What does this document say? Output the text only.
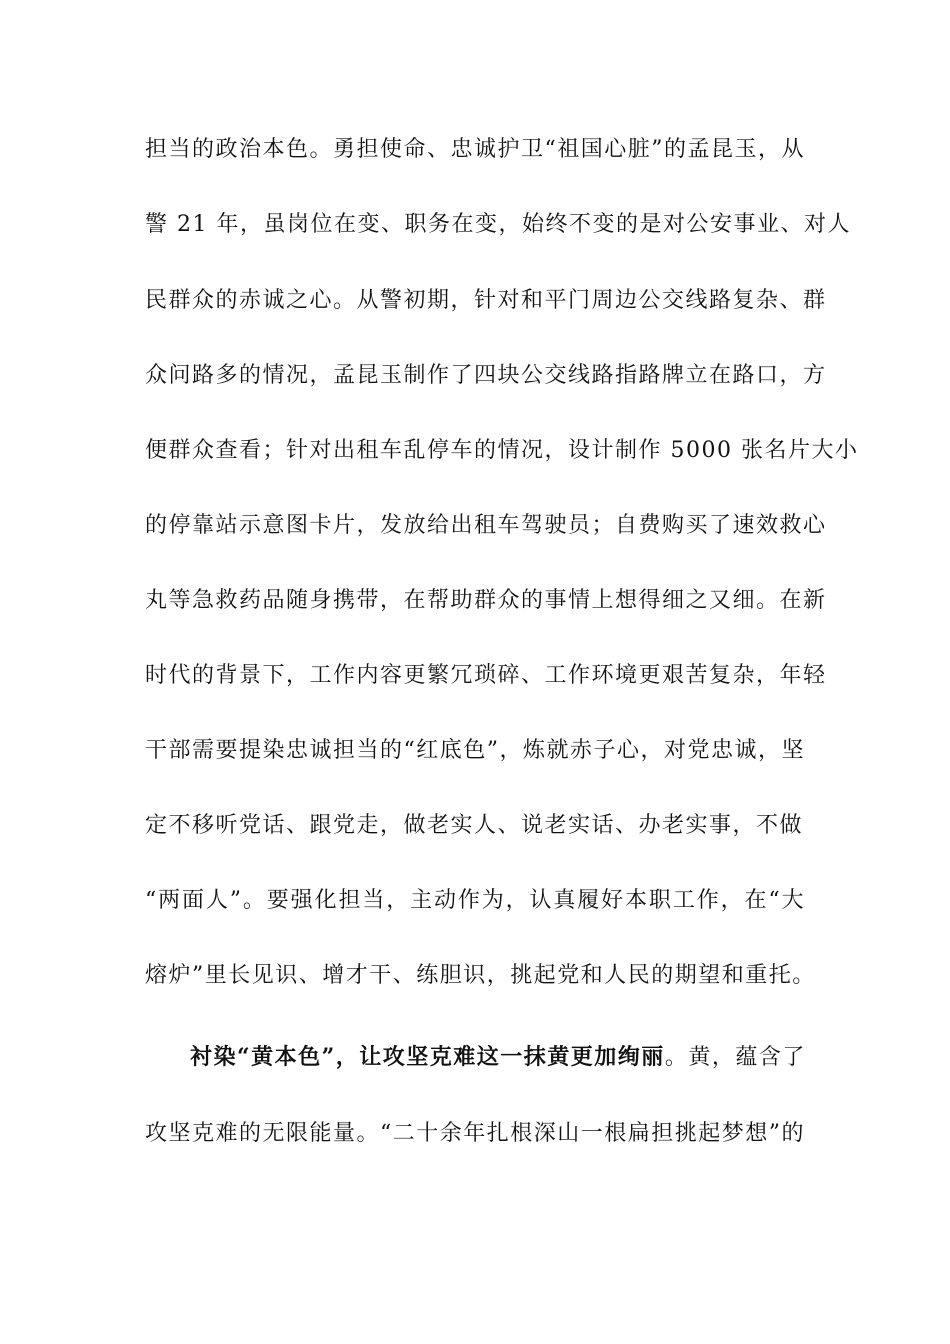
担当的政治本色。勇担使命、忠诚护卫“祖国心脏”的孟昆玉，从
警 21 年，虽岗位在变、职务在变，始终不变的是对公安事业、对人
民群众的赤诚之心。从警初期，针对和平门周边公交线路复杂、群
众问路多的情况，孟昆玉制作了四块公交线路指路牌立在路口，方
便群众查看；针对出租车乱停车的情况，设计制作 5000 张名片大小
的停靠站示意图卡片，发放给出租车驾驶员；自费购买了速效救心
丸等急救药品随身携带，在帮助群众的事情上想得细之又细。在新
时代的背景下，工作内容更繁冗琐碎、工作环境更艰苦复杂，年轻
干部需要提染忠诚担当的“红底色”，炼就赤子心，对党忠诚，坚
定不移听党话、跟党走，做老实人、说老实话、办老实事，不做
“两面人”。要强化担当，主动作为，认真履好本职工作，在“大
熔炉”里长见识、增才干、练胆识，挑起党和人民的期望和重托。
衬染“黄本色”，让攻坚克难这一抹黄更加绚丽。黄，蕴含了
攻坚克难的无限能量。“二十余年扎根深山一根扁担挑起梦想”的
